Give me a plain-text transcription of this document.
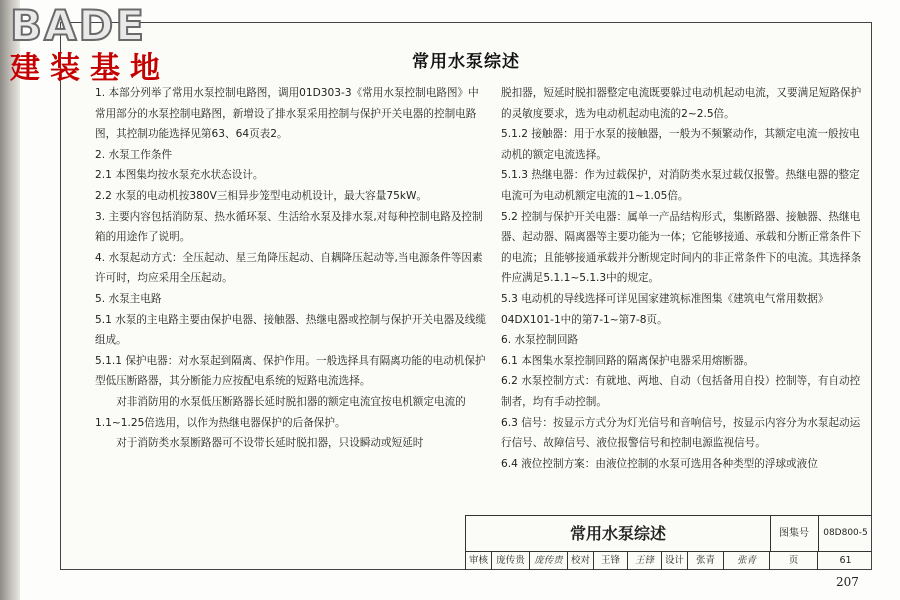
常用水泵综述

1. 本部分列举了常用水泵控制电路图，调用01D303-3《常用水泵控制电路图》中常用部分的水泵控制电路图，新增设了排水泵采用控制与保护开关电器的控制电路图，其控制功能选择见第63、64页表2。

2. 水泵工作条件

2.1 本图集均按水泵充水状态设计。

2.2 水泵的电动机按380V三相异步笼型电动机设计，最大容量75kW。

3. 主要内容包括消防泵、热水循环泵、生活给水泵及排水泵,对每种控制电路及控制箱的用途作了说明。

4. 水泵起动方式：全压起动、星三角降压起动、自耦降压起动等,当电源条件等因素许可时，均应采用全压起动。

5. 水泵主电路

5.1 水泵的主电路主要由保护电器、接触器、热继电器或控制与保护开关电器及线缆组成。

5.1.1 保护电器：对水泵起到隔离、保护作用。一般选择具有隔离功能的电动机保护型低压断路器，其分断能力应按配电系统的短路电流选择。

对非消防用的水泵低压断路器长延时脱扣器的额定电流宜按电机额定电流的1.1~1.25倍选用，以作为热继电器保护的后备保护。

对于消防类水泵断路器可不设带长延时脱扣器，只设瞬动或短延时

脱扣器，短延时脱扣器整定电流既要躲过电动机起动电流，又要满足短路保护的灵敏度要求，选为电动机起动电流的2~2.5倍。

5.1.2 接触器：用于水泵的接触器，一般为不频繁动作，其额定电流一般按电动机的额定电流选择。

5.1.3 热继电器：作为过载保护，对消防类水泵过载仅报警。热继电器的整定电流可为电动机额定电流的1~1.05倍。

5.2 控制与保护开关电器：属单一产品结构形式，集断路器、接触器、热继电器、起动器、隔离器等主要功能为一体；它能够接通、承载和分断正常条件下的电流；且能够接通承载并分断规定时间内的非正常条件下的电流。其选择条件应满足5.1.1~5.1.3中的规定。

5.3 电动机的导线选择可详见国家建筑标准图集《建筑电气常用数据》04DX101-1中的第7-1~第7-8页。

6. 水泵控制回路

6.1 本图集水泵控制回路的隔离保护电器采用熔断器。

6.2 水泵控制方式：有就地、两地、自动（包括备用自投）控制等，有自动控制者，均有手动控制。

6.3 信号：按显示方式分为灯光信号和音响信号，按显示内容分为水泵起动运行信号、故障信号、液位报警信号和控制电源监视信号。

6.4 液位控制方案：由液位控制的水泵可选用各种类型的浮球或液位

常用水泵综述	图集号	08D800-5
审核 庞传贵 庞传贵 校对	王锋	王锋	设计	张青	张青	页	61
BADE
建装基地
207
